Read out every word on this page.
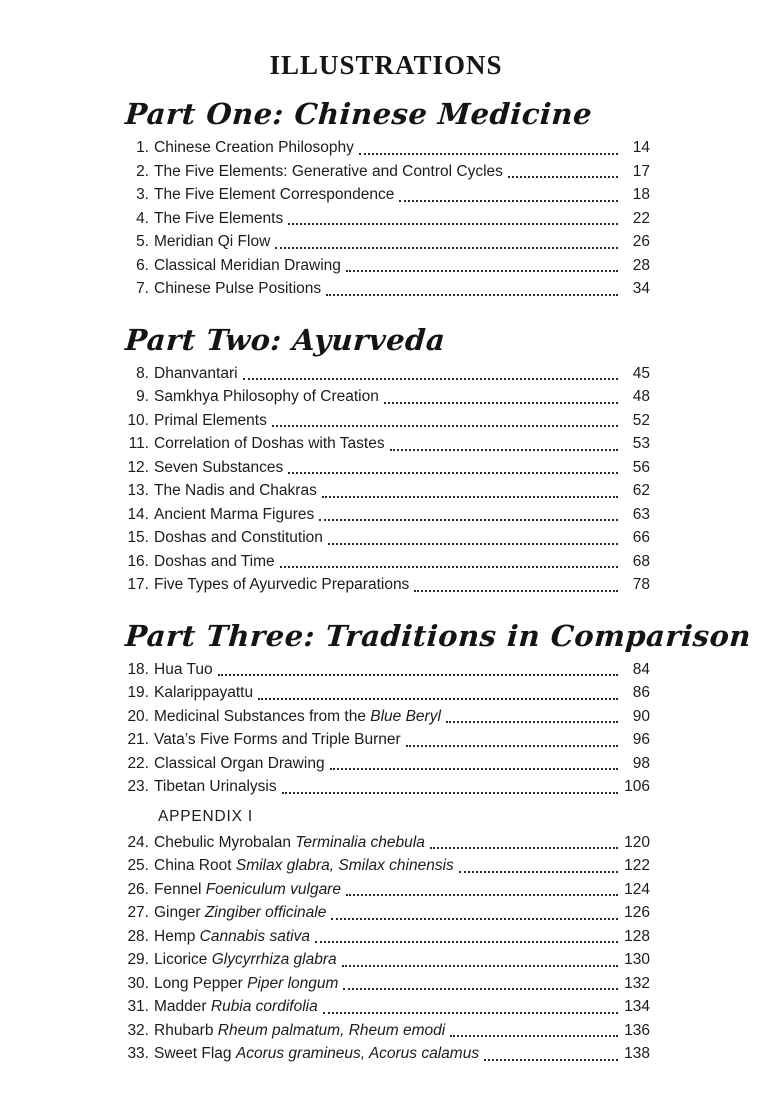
ILLUSTRATIONS
Part One: Chinese Medicine
1. Chinese Creation Philosophy	14
2. The Five Elements: Generative and Control Cycles	17
3. The Five Element Correspondence	18
4. The Five Elements	22
5. Meridian Qi Flow	26
6. Classical Meridian Drawing	28
7. Chinese Pulse Positions	34
Part Two: Ayurveda
8. Dhanvantari	45
9. Samkhya Philosophy of Creation	48
10. Primal Elements	52
11. Correlation of Doshas with Tastes	53
12. Seven Substances	56
13. The Nadis and Chakras	62
14. Ancient Marma Figures	63
15. Doshas and Constitution	66
16. Doshas and Time	68
17. Five Types of Ayurvedic Preparations	78
Part Three: Traditions in Comparison
18. Hua Tuo	84
19. Kalarippayattu	86
20. Medicinal Substances from the Blue Beryl	90
21. Vata’s Five Forms and Triple Burner	96
22. Classical Organ Drawing	98
23. Tibetan Urinalysis	106
APPENDIX I
24. Chebulic Myrobalan Terminalia chebula	120
25. China Root Smilax glabra, Smilax chinensis	122
26. Fennel Foeniculum vulgare	124
27. Ginger Zingiber officinale	126
28. Hemp Cannabis sativa	128
29. Licorice Glycyrrhiza glabra	130
30. Long Pepper Piper longum	132
31. Madder Rubia cordifolia	134
32. Rhubarb Rheum palmatum, Rheum emodi	136
33. Sweet Flag Acorus gramineus, Acorus calamus	138
